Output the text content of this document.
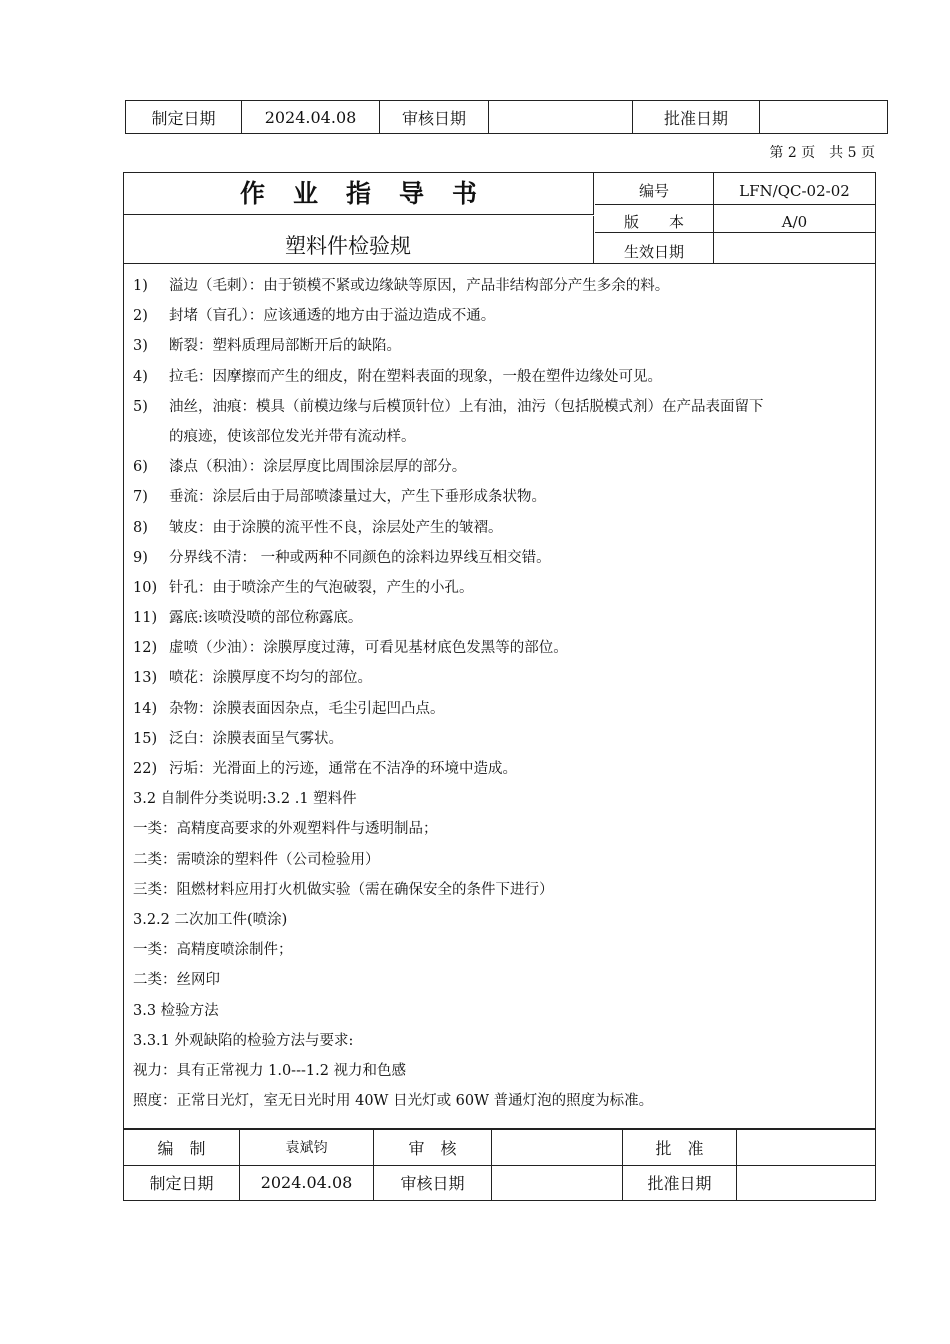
制定日期	2024.04.08	审核日期		批准日期	
第 2 页　共 5 页
作业指导书
塑料件检验规
编号	LFN/QC-02-02
版　　本	A/0
生效日期
1)	溢边（毛刺）：由于锁模不紧或边缘缺等原因，产品非结构部分产生多余的料。
2)	封堵（盲孔）：应该通透的地方由于溢边造成不通。
3)	断裂：塑料质理局部断开后的缺陷。
4)	拉毛：因摩擦而产生的细皮，附在塑料表面的现象，一般在塑件边缘处可见。
5)	油丝，油痕：模具（前模边缘与后模顶针位）上有油，油污（包括脱模式剂）在产品表面留下
的痕迹，使该部位发光并带有流动样。
6)	漆点（积油）：涂层厚度比周围涂层厚的部分。
7)	垂流：涂层后由于局部喷漆量过大，产生下垂形成条状物。
8)	皱皮：由于涂膜的流平性不良，涂层处产生的皱褶。
9)	分界线不清： 一种或两种不同颜色的涂料边界线互相交错。
10) 针孔：由于喷涂产生的气泡破裂，产生的小孔。
11) 露底:该喷没喷的部位称露底。
12) 虚喷（少油）：涂膜厚度过薄，可看见基材底色发黑等的部位。
13) 喷花：涂膜厚度不均匀的部位。
14) 杂物：涂膜表面因杂点，毛尘引起凹凸点。
15) 泛白：涂膜表面呈气雾状。
22) 污垢：光滑面上的污迹，通常在不洁净的环境中造成。
3.2 自制件分类说明:3.2 .1 塑料件
一类：高精度高要求的外观塑料件与透明制品；
二类：需喷涂的塑料件（公司检验用）
三类：阻燃材料应用打火机做实验（需在确保安全的条件下进行）
3.2.2 二次加工件(喷涂)
一类：高精度喷涂制件；
二类：丝网印
3.3 检验方法
3.3.1 外观缺陷的检验方法与要求:
视力：具有正常视力 1.0---1.2 视力和色感
照度：正常日光灯，室无日光时用 40W 日光灯或 60W 普通灯泡的照度为标准。
编　制	袁斌钧	审　核		批　准	
制定日期	2024.04.08	审核日期		批准日期	
